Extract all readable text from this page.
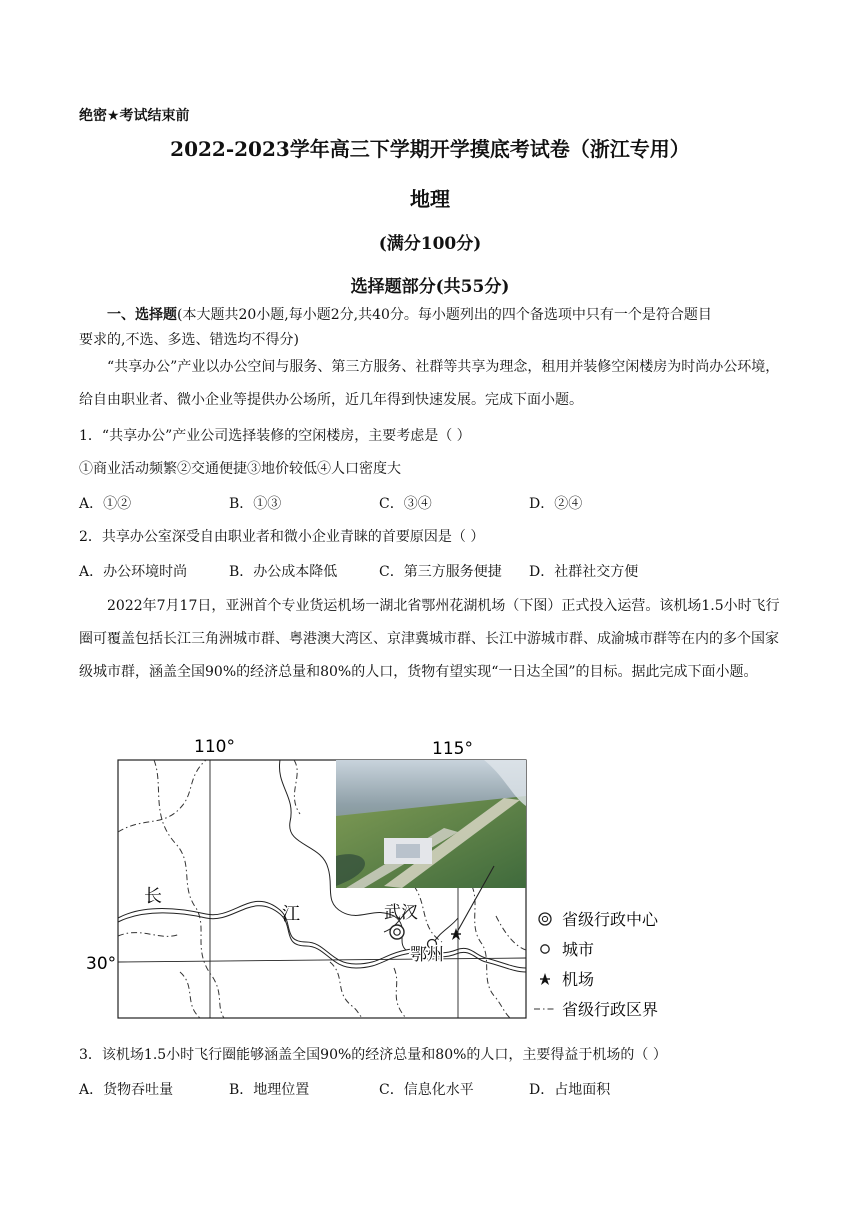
绝密★考试结束前
2022-2023学年高三下学期开学摸底考试卷（浙江专用）
地理
(满分100分)
选择题部分(共55分)
一、选择题(本大题共20小题,每小题2分,共40分。每小题列出的四个备选项中只有一个是符合题目
要求的,不选、多选、错选均不得分)
“共享办公”产业以办公空间与服务、第三方服务、社群等共享为理念，租用并装修空闲楼房为时尚办公环境，给自由职业者、微小企业等提供办公场所，近几年得到快速发展。完成下面小题。
1．“共享办公”产业公司选择装修的空闲楼房，主要考虑是（ ）
①商业活动频繁②交通便捷③地价较低④人口密度大
A．①②	B．①③	C．③④	D．②④
2．共享办公室深受自由职业者和微小企业青睐的首要原因是（ ）
A．办公环境时尚	B．办公成本降低	C．第三方服务便捷 D．社群社交方便
2022年7月17日，亚洲首个专业货运机场一湖北省鄂州花湖机场（下图）正式投入运营。该机场1.5小时飞行圈可覆盖包括长江三角洲城市群、粤港澳大湾区、京津冀城市群、长江中游城市群、成渝城市群等在内的多个国家级城市群，涵盖全国90%的经济总量和80%的人口，货物有望实现“一日达全国”的目标。据此完成下面小题。
110°	115°
30°
武汉
鄂州
长
江	省级行政中心
城市
机场
省级行政区界
3．该机场1.5小时飞行圈能够涵盖全国90%的经济总量和80%的人口，主要得益于机场的（ ）
A．货物吞吐量	B．地理位置	C．信息化水平	D．占地面积
